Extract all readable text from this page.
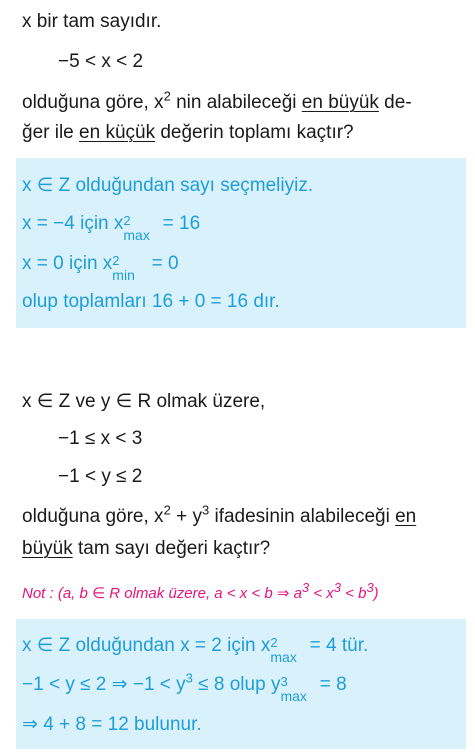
x bir tam sayıdır.
−5 < x < 2
olduğuna göre, $x^2$ nin alabileceği en büyük de-
ğer ile en küçük değerin toplamı kaçtır?
x ∈ Z olduğundan sayı seçmeliyiz.
x = −4 için x 2
max
= 16
x = 0 için x 2
min
= 0
olup toplamları 16 + 0 = 16 dır.
x ∈ Z ve y ∈ R olmak üzere,
−1 ≤ x < 3
−1 < y ≤ 2
olduğuna göre, $x^2 + y^3$ ifadesinin alabileceği en
büyük tam sayı değeri kaçtır?
Not : (a, b ∈ R olmak üzere, a < x < b ⇒ $a^3 < x^3 < b^3$)
x ∈ Z olduğundan x = 2 için x 2
max
= 4 tür.
−1 < y ≤ 2 ⇒ $-1 < y^3 \le 8$ olup y 3
max
= 8
⇒ 4 + 8 = 12 bulunur.
